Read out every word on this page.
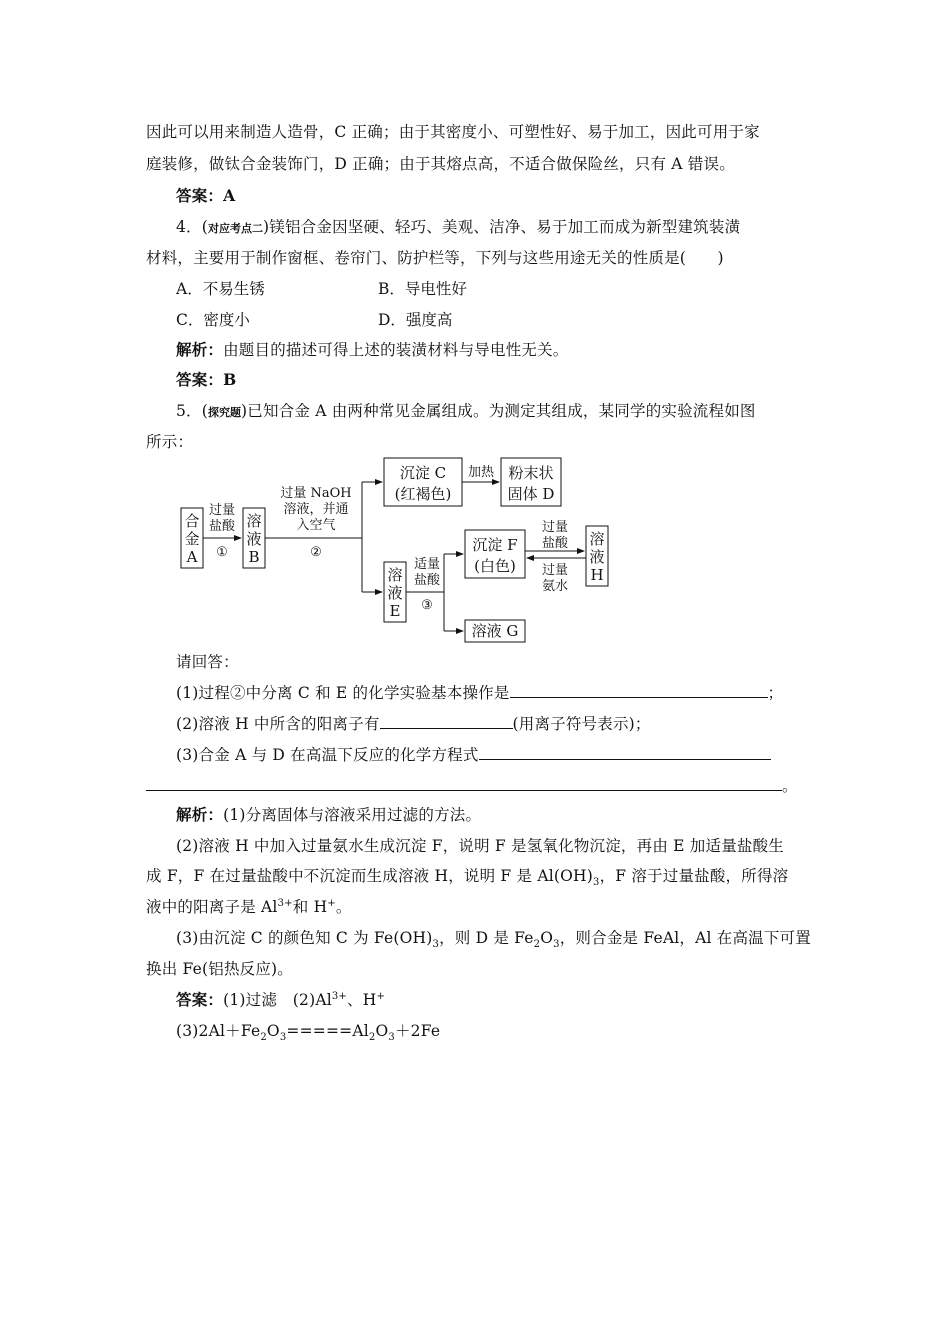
因此可以用来制造人造骨，C 正确；由于其密度小、可塑性好、易于加工，因此可用于家
庭装修，做钛合金装饰门，D 正确；由于其熔点高，不适合做保险丝，只有 A 错误。
答案：A
4．(对应考点二)镁铝合金因坚硬、轻巧、美观、洁净、易于加工而成为新型建筑装潢
材料，主要用于制作窗框、卷帘门、防护栏等，下列与这些用途无关的性质是(　　)
A．不易生锈	B．导电性好
C．密度小	D．强度高
解析：由题目的描述可得上述的装潢材料与导电性无关。
答案：B
5．(探究题)已知合金 A 由两种常见金属组成。为测定其组成，某同学的实验流程如图
所示：
合
金
A
溶
液
B
沉淀 C
(红褐色)
粉末状
固体 D
溶
液
E
沉淀 F
(白色)
溶
液
H
溶液 G
过量
盐酸
①
过量 NaOH
溶液，并通
入空气
②
加热
适量
盐酸
③
过量
盐酸
过量
氨水
请回答：
(1)过程②中分离 C 和 E 的化学实验基本操作是	；
(2)溶液 H 中所含的阳离子有	(用离子符号表示)；
(3)合金 A 与 D 在高温下反应的化学方程式
。
解析：(1)分离固体与溶液采用过滤的方法。
(2)溶液 H 中加入过量氨水生成沉淀 F，说明 F 是氢氧化物沉淀，再由 E 加适量盐酸生
成 F，F 在过量盐酸中不沉淀而生成溶液 H，说明 F 是 $Al(OH)_3$，F 溶于过量盐酸，所得溶
液中的阳离子是 $Al^{3+}$和 H+。
(3)由沉淀 C 的颜色知 C 为 $Fe(OH)_3$，则 D 是 $Fe_2O_3$，则合金是 FeAl，Al 在高温下可置
换出 Fe(铝热反应)。
答案：(1)过滤　$(2)Al^{3+}$、H+
$(3)2Al+Fe_2O_3=====Al_2O_3+2Fe$
